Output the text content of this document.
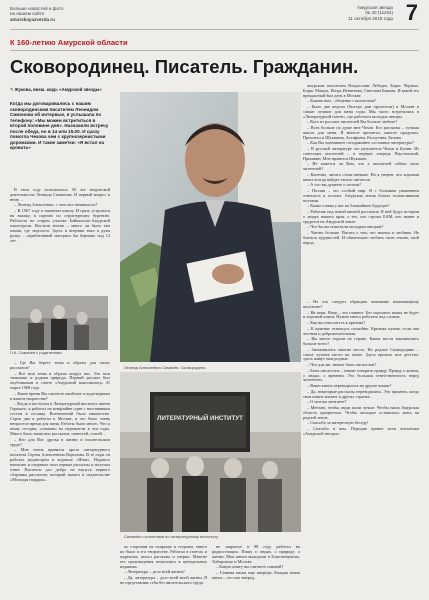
Больше новостей и фото
на нашем сайте
amurskayazvezda.ru
Амурская звезда
№ 40 (11194)
11 октября 2018 года 7
К 160-летию Амурской области
Сковородинец. Писатель. Гражданин.
✎ Жукова, внеш. корр. «Амурской звезды»
Когда мы договаривались с нашим сковородинским писателем Леонидом Симонова об интервью, я услышала по телефону: «Мы можем встретиться в второй половине дня». Назначили встречу после обеда, но в 14 или 15.00. И сразу помогла Чехова чем с крупнозернистыми дорожками. И такие заметки: «Я встал на кровать»

В этом году исполнилось 50 лет творческой деятельности Леонида Симонова. И первый вопрос к нему…

– Леонид Алексеевич, с чего все начиналось?

– В 1967 году я закончил школу. И сразу устроился на вышку, в партию по структурному бурению. Работали на старом участке Байкальско-Амурской магистрали. Изучали землю – много ли было там камня, где мерзлота. Здесь я впервые взял в руки ручку – отработанный материал бы бережно под 12 лет.

Л.А. Симачёв с родителями

– Где Вы берете темы и образы для своих рассказов?

– Все мои темы и образы вокруг нас. Это мои знакомые и родная природа. Первый рассказ был опубликован в газете «Амурский комсомолец» 31 марта 1968 года.

– Какое время Вы считаете наиболее плодотворным в вашем творчестве?

– Когда я поступил в Литературный институт имени Горького, я работал на конфлайне один с наставником гостем в столице. Впечатлений было множество. Сорок два я работал в Москве, и это было очень непростое время для меня. Работы было много. Что я пишу сегодня, основано на пережитом в эти годы. Много было написано рассказов, повестей, статей…

– Кто для Вас друзья в жизни и писательском труде?

– Мне очень нравятся проза литературного писателя Сергея Алексеевича Воронова. В те годы он работал редактором в журнале «Нева». Надеюсь написать и отправил свои первые рассказы и получил ответ. Писатель дал добро на выпуск первого сборника рассказов, который вышел в издательстве «Молодая гвардия».

Леонид Алексеевич Симачёв. Сковородино.

амурском писателем Владиславе Лебедев. Борис Черных, Борис Машук, Игорь Игнатенко, Светлана Быкова. И какой это прекрасный был день в Москве.

– Каково вам – общение с коллегами?

– Было две недели (быстро дни пролетели) в Москве в самые лучшие для меня годы. Мы часто встречались в «Литературной газете», где работали молодые авторы.

– Кого из русских писателей Вы больше любите?

– Всех больше по душе мне Чехов. Его рассказы – лучшая школа для меня. Я многое прочитал, многое продумал. Прочитал и Шукшина, Астафьева, Распутина, Белова.

– Как Вы оцениваете сегодняшнее состояние литературы?

– В русской литературе это разумеется Чехов и Бунин. Из советских писателей – в первую очередь Паустовский, Пришвин. Мне нравится Шукшин.

– Не кажется ли Вам, что у писателей сейчас мало читателей?

– Конечно, читать стали меньше. Но я уверен, что хорошая книга всегда найдет своего читателя.

– А что вы думаете о поэзии?

– Поэзия – это особый мир. Я с большим уважением отношусь к поэтам. Амурская земля богата талантливыми поэтами.

– Какие планы у вас на ближайшее будущее?

– Работаю над новой книгой рассказов. В ней будут истории о людях нашего края, о тех, кто строил БАМ, кто живет и трудится на Амурской земле.

– Что бы вы пожелали молодым авторам?

– Читать больше. Писать о том, что знаешь и любишь. Не бояться трудностей. И обязательно любить свою землю, свой народ.

– На что следует обращать внимание начинающему писателю?

– На язык. Язык – это главное. Без хорошего языка не будет и хорошей книги. Нужно много работать над словом.

– Как вы относитесь к критике?

– К критике отношусь спокойно. Критика нужна, если она честная и доброжелательная.

– Вы много ездили по стране. Какие места запомнились больше всего?

– Запомнились многие места. Но родное Сковородино – самое лучшее место на земле. Здесь прошло мое детство, здесь живут мои родные.

– Что для вас значит быть писателем?

– Быть писателем – значит говорить правду. Правду о жизни, о людях, о времени. Это большая ответственность перед читателем.

– Ваши книги переводились на другие языки?

– Да, некоторые рассказы переводились. Это приятно, когда твои книги читают в других странах.

– О чем вы мечтаете?

– Мечтаю, чтобы люди жили лучше. Чтобы наша Амурская область процветала. Чтобы молодые оставались жить на родной земле.

– Спасибо за интересную беседу!

– Спасибо и вам. Передаю привет всем читателям «Амурской звезды».

ЛИТЕРАТУРНЫЙ ИНСТИТУТ
Симачёв с коллегами по литературному институту

по сторонам на поприще и стороны, много их было в его творчестве. Работал в газетах и журналах, писал рассказы и очерки. Многие его произведения печатались в центральных изданиях.

– Литература – дело всей жизни?

– Да, литература – дело всей моей жизни. Я не представляю себя без писательского труда.

не закрытое в 98 году работал на радиостанции. Пишу о людях, о природе, о жизни. Мои книги выходили в Благовещенске, Хабаровске и Москве.

– Какую книгу вы считаете главной?

– Главная книга еще впереди. Каждая новая книга – это шаг вперед.
